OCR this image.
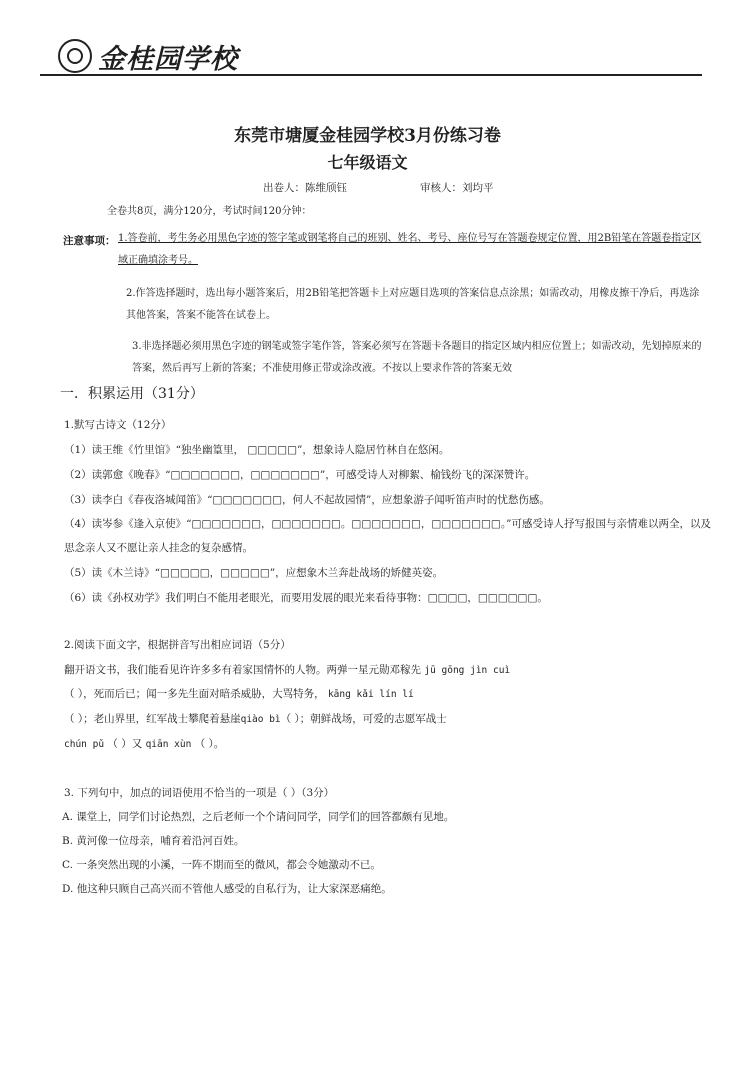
金桂园学校
东莞市塘厦金桂园学校3月份练习卷
七年级语文
出卷人：陈维颀钰	审核人：刘均平
全卷共8页，满分120分，考试时间120分钟：
注意事项： 1.答卷前，考生务必用黑色字迹的签字笔或钢笔将自己的班别、姓名、考号、座位号写在答题卷规定位置，用2B铅笔在答题卷指定区域正确填涂考号。
2.作答选择题时，选出每小题答案后，用2B铅笔把答题卡上对应题目选项的答案信息点涂黑；如需改动，用橡皮擦干净后，再选涂其他答案，答案不能答在试卷上。
3.非选择题必须用黑色字迹的钢笔或签字笔作答，答案必须写在答题卡各题目的指定区域内相应位置上；如需改动，先划掉原来的答案，然后再写上新的答案；不准使用修正带或涂改液。不按以上要求作答的答案无效
一．积累运用（31分）
1.默写古诗文（12分）
（1）读王维《竹里馆》“独坐幽篁里， □□□□□”，想象诗人隐居竹林自在悠闲。
（2）读郭愈《晚春》“□□□□□□□，□□□□□□□”，可感受诗人对柳絮、榆钱纷飞的深深赞许。
（3）读李白《春夜洛城闻笛》“□□□□□□□，何人不起故园情”，应想象游子闻听笛声时的忧愁伤感。
（4）读岑参《逢入京使》“□□□□□□□，□□□□□□□。□□□□□□□，□□□□□□□。”可感受诗人抒写报国与亲情难以两全，以及思念亲人又不愿让亲人挂念的复杂感情。
（5）读《木兰诗》“□□□□□，□□□□□”，应想象木兰奔赴战场的矫健英姿。
（6）读《孙权劝学》我们明白不能用老眼光，而要用发展的眼光来看待事物：□□□□，□□□□□□。
2.阅读下面文字，根据拼音写出相应词语（5分）
翻开语文书，我们能看见许许多多有着家国情怀的人物。两弹一星元勋邓稼先 jū gōng jìn cuì
（ ），死而后已；闻一多先生面对暗杀威胁，大骂特务， kāng kǎi lín lí
（ ）；老山界里，红军战士攀爬着悬崖qiào bì（ ）；朝鲜战场，可爱的志愿军战士
chún pǔ （ ）又 qiān xùn （ ）。
3. 下列句中，加点的词语使用不恰当的一项是（ ）（3分）
A. 课堂上，同学们讨论热烈，之后老师一个个请问同学，同学们的回答都颇有见地。
B. 黄河像一位母亲，哺育着沿河百姓。
C. 一条突然出现的小溪，一阵不期而至的微风，都会令她激动不已。
D. 他这种只顾自己高兴而不管他人感受的自私行为，让大家深恶痛绝。
